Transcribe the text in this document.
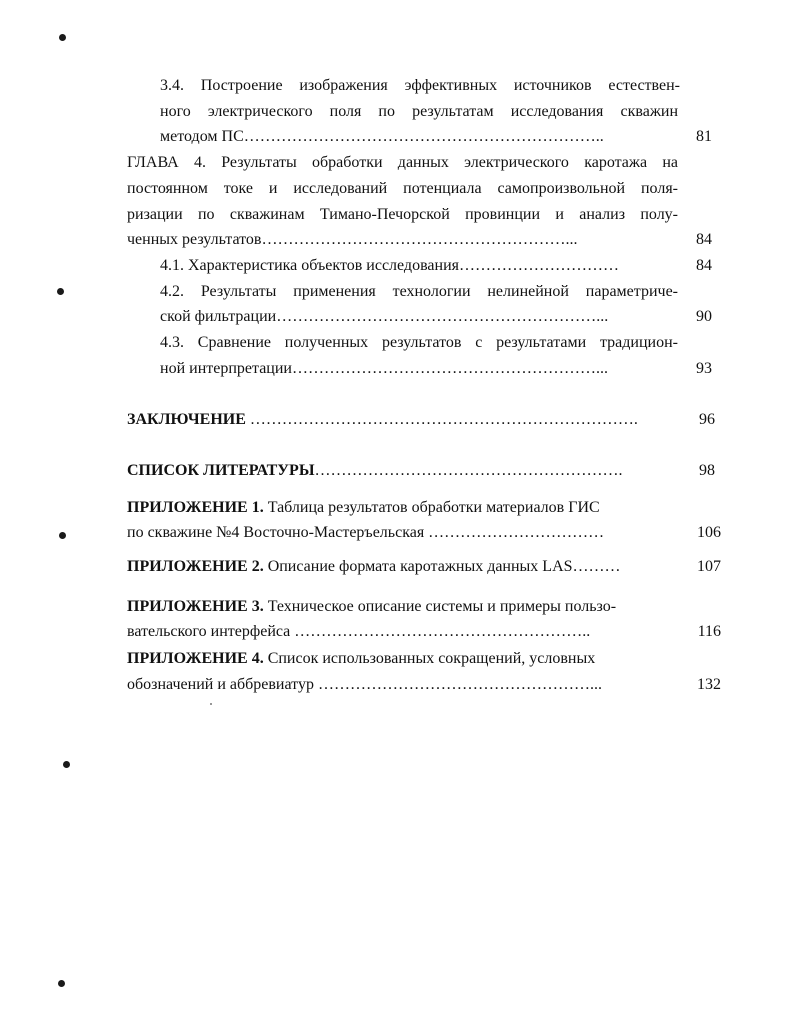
3.4. Построение изображения эффективных источников естествен-
ного электрического поля по результатам исследования скважин
методом ПС…………………………………………………………..	81
ГЛАВА 4. Результаты обработки данных электрического каротажа на
постоянном токе и исследований потенциала самопроизвольной поля-
ризации по скважинам Тимано-Печорской провинции и анализ полу-
ченных результатов…………………………………………………...	84
4.1. Характеристика объектов исследования…………………………	84
4.2. Результаты применения технологии нелинейной параметриче-
ской фильтрации……………………………………………………...	90
4.3. Сравнение полученных результатов с результатами традицион-
ной интерпретации…………………………………………………...	93
ЗАКЛЮЧЕНИЕ ……………………………………………………………….	96
СПИСОК ЛИТЕРАТУРЫ………………………………………………….	98
ПРИЛОЖЕНИЕ 1. Таблица результатов обработки материалов ГИС
по скважине №4 Восточно-Мастеръельская ……………………………	106
ПРИЛОЖЕНИЕ 2. Описание формата каротажных данных LAS………	107
ПРИЛОЖЕНИЕ 3. Техническое описание системы и примеры пользо-
вательского интерфейса ………………………………………………..	116
ПРИЛОЖЕНИЕ 4. Список использованных сокращений, условных
обозначений и аббревиатур ……………………………………………...	132
